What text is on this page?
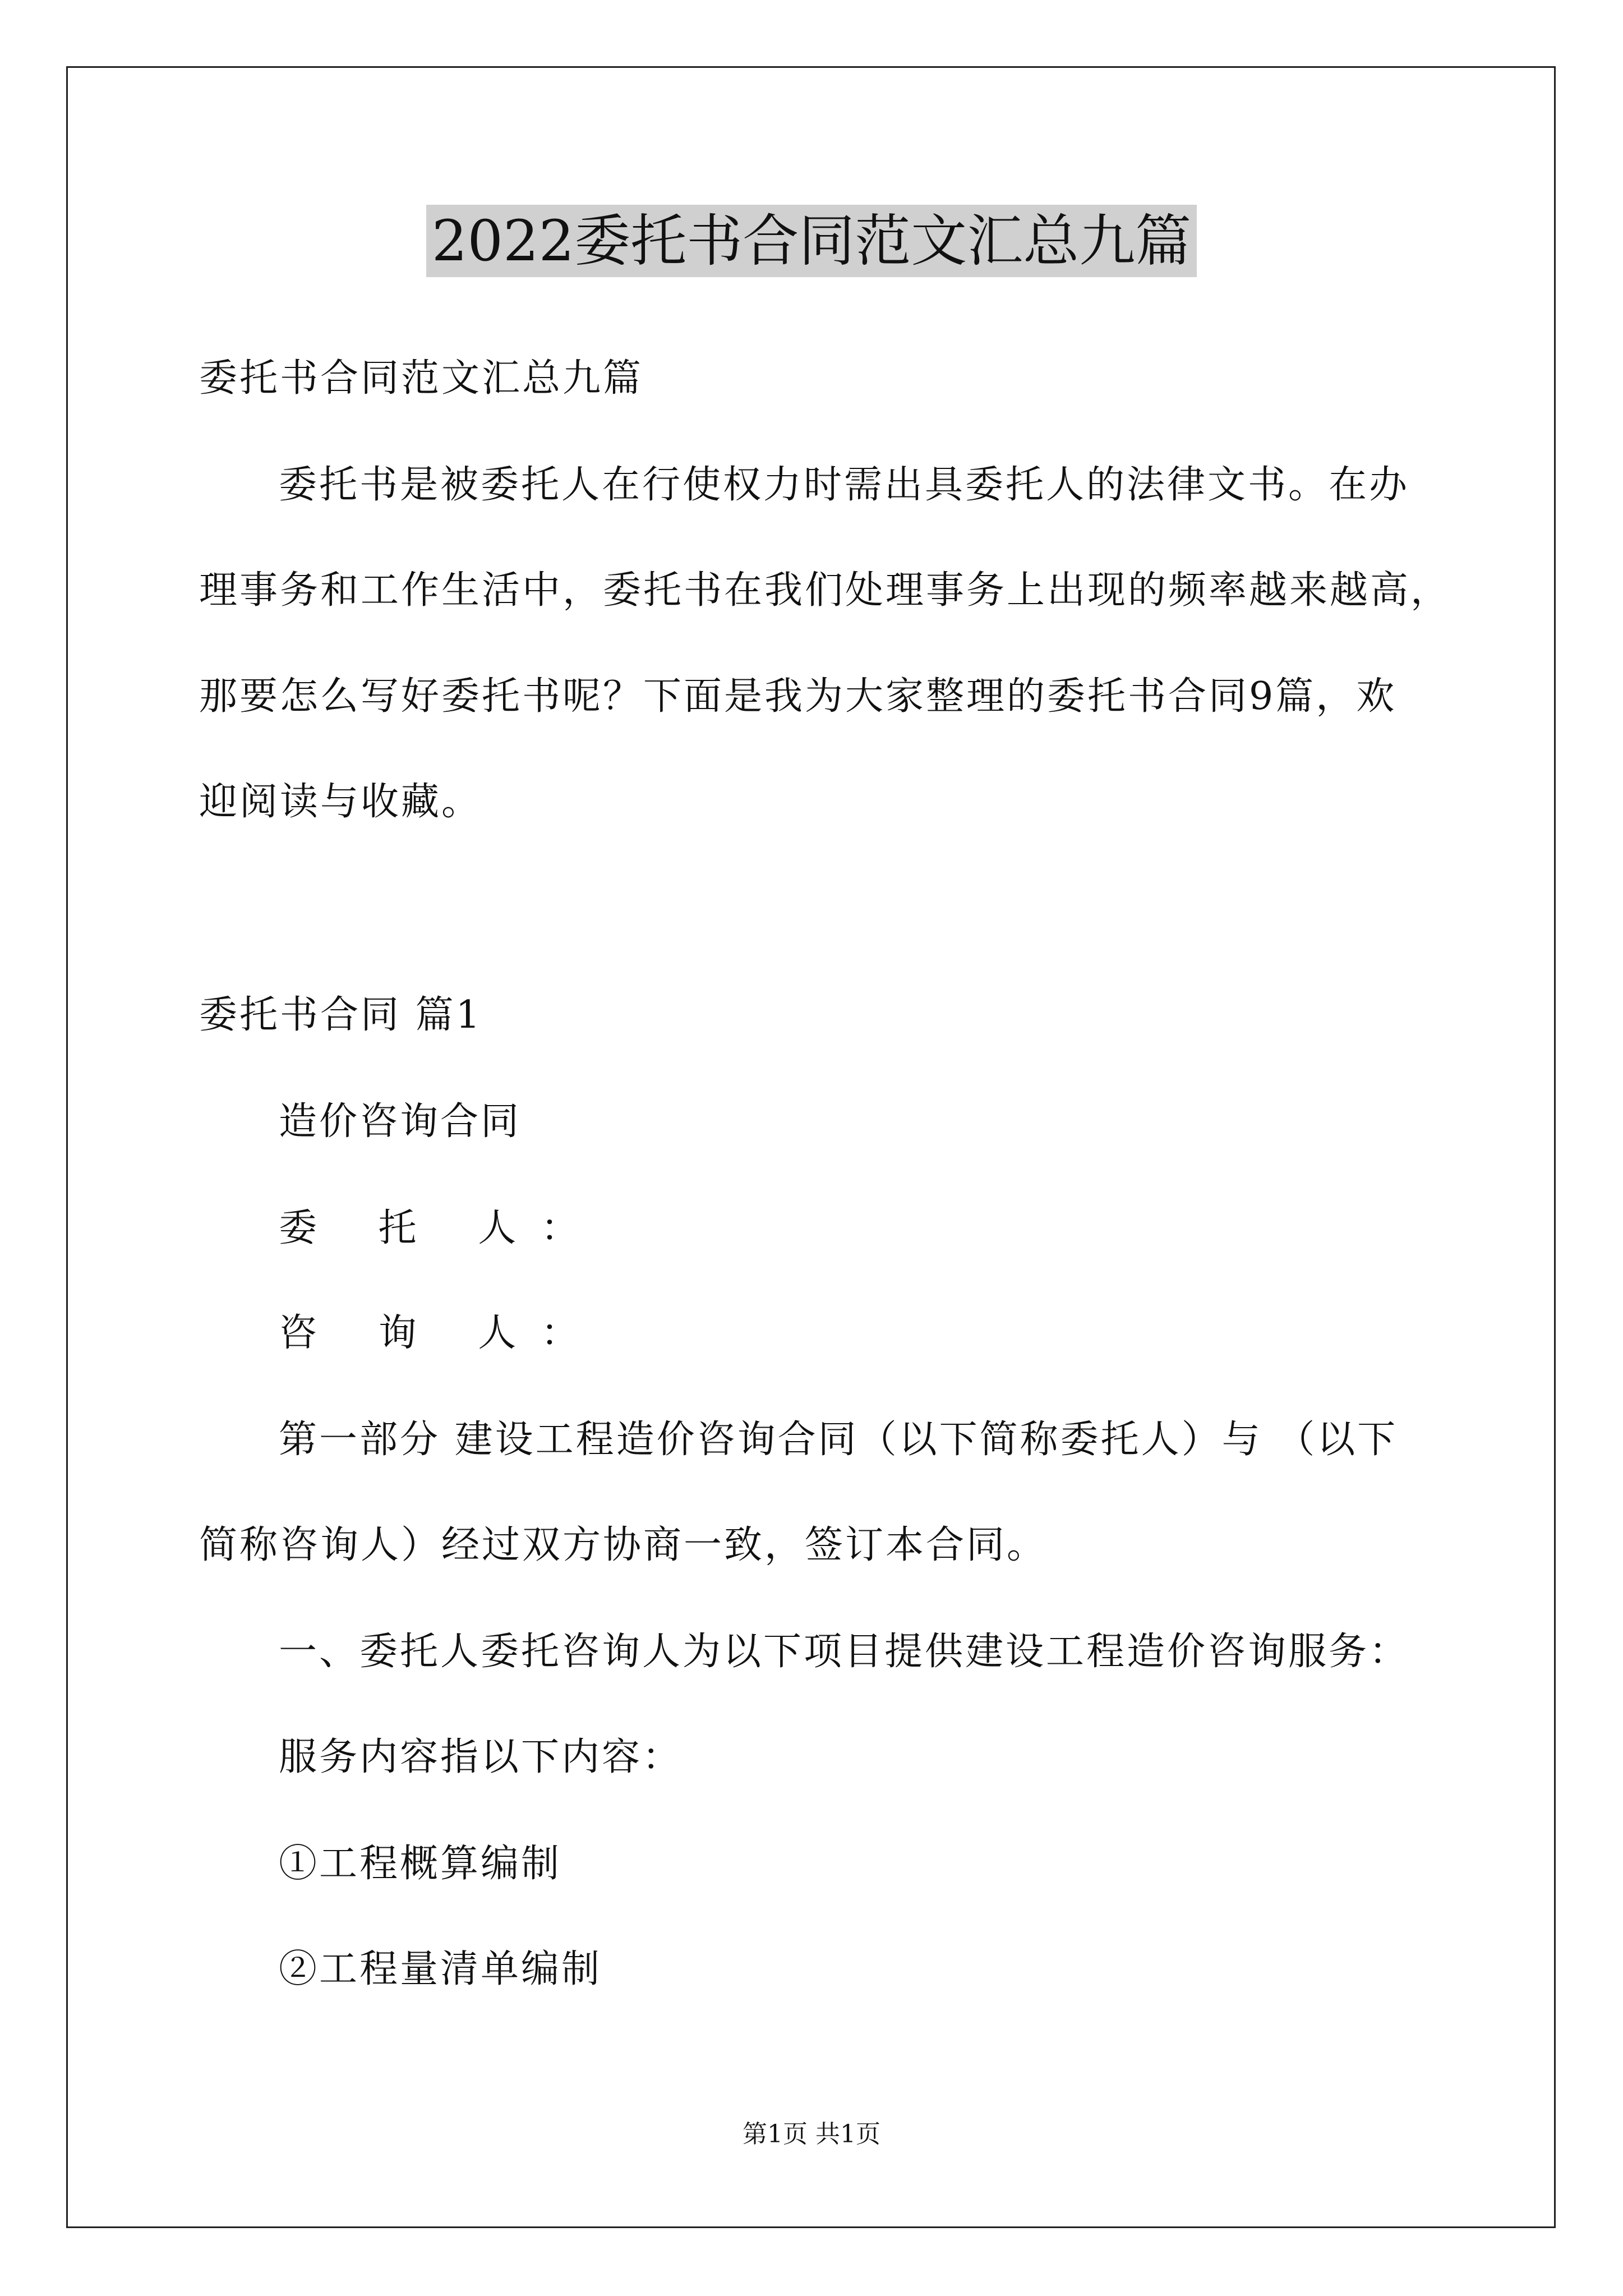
2022委托书合同范文汇总九篇
委托书合同范文汇总九篇
委托书是被委托人在行使权力时需出具委托人的法律文书。在办
理事务和工作生活中，委托书在我们处理事务上出现的频率越来越高，
那要怎么写好委托书呢？下面是我为大家整理的委托书合同9篇，欢
迎阅读与收藏。
委托书合同 篇1
造价咨询合同
委 托 人：
咨 询 人：
第一部分 建设工程造价咨询合同（以下简称委托人）与 （以下
简称咨询人）经过双方协商一致，签订本合同。
一、委托人委托咨询人为以下项目提供建设工程造价咨询服务：
服务内容指以下内容：
①工程概算编制
②工程量清单编制
第1页 共1页
